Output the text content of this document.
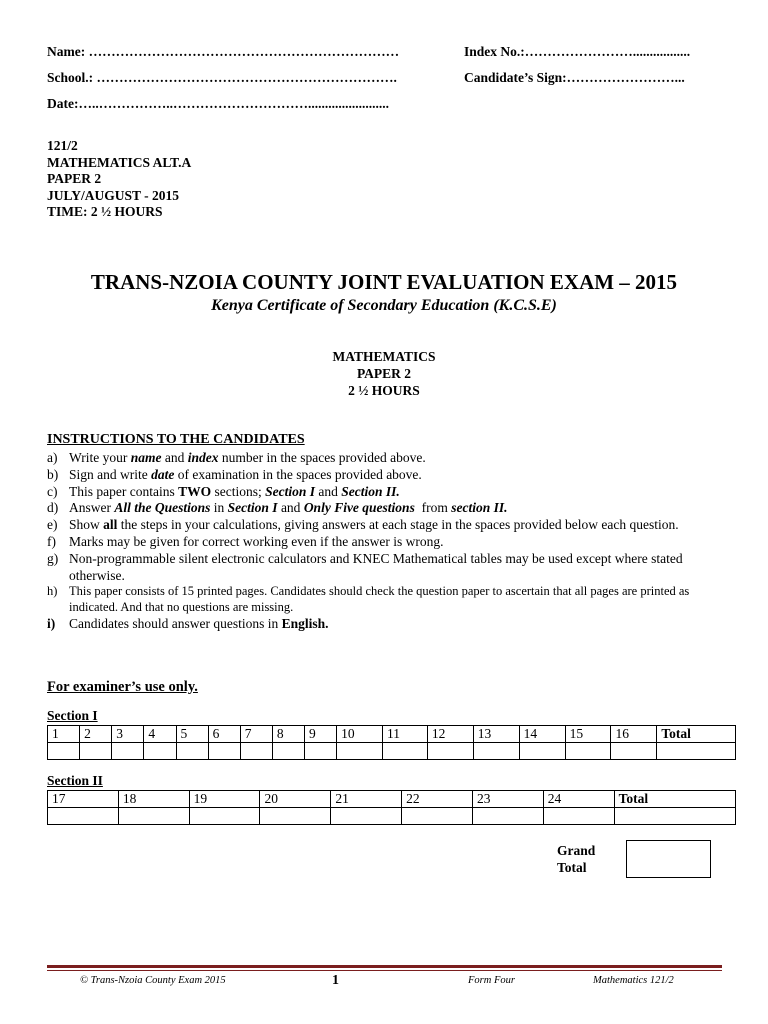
Name: ……………………………………………………………	Index No.:…………………….................
School.: ………………………………………………………….	Candidate’s Sign:……………………...
Date:…..……………..…………………………........................
121/2
MATHEMATICS ALT.A
PAPER 2
JULY/AUGUST - 2015
TIME: 2 ½ HOURS
TRANS-NZOIA COUNTY JOINT EVALUATION EXAM – 2015
Kenya Certificate of Secondary Education (K.C.S.E)
MATHEMATICS
PAPER 2
2 ½ HOURS
INSTRUCTIONS TO THE CANDIDATES
a) Write your name and index number in the spaces provided above.
b) Sign and write date of examination in the spaces provided above.
c) This paper contains TWO sections; Section I and Section II.
d) Answer All the Questions in Section I and Only Five questions  from section II.
e) Show all the steps in your calculations, giving answers at each stage in the spaces provided below each question.
f) Marks may be given for correct working even if the answer is wrong.
g) Non-programmable silent electronic calculators and KNEC Mathematical tables may be used except where stated otherwise.
h) This paper consists of 15 printed pages. Candidates should check the question paper to ascertain that all pages are printed as indicated. And that no questions are missing.
i)	Candidates should answer questions in English.
For examiner’s use only.
Section I
1	2	3	4	5	6	7	8	9	10	11	12	13	14	15	16	Total

Section II
17	18	19	20	21	22	23	24	Total

Grand
Total
© Trans-Nzoia County Exam 2015	1	Form Four	Mathematics 121/2
